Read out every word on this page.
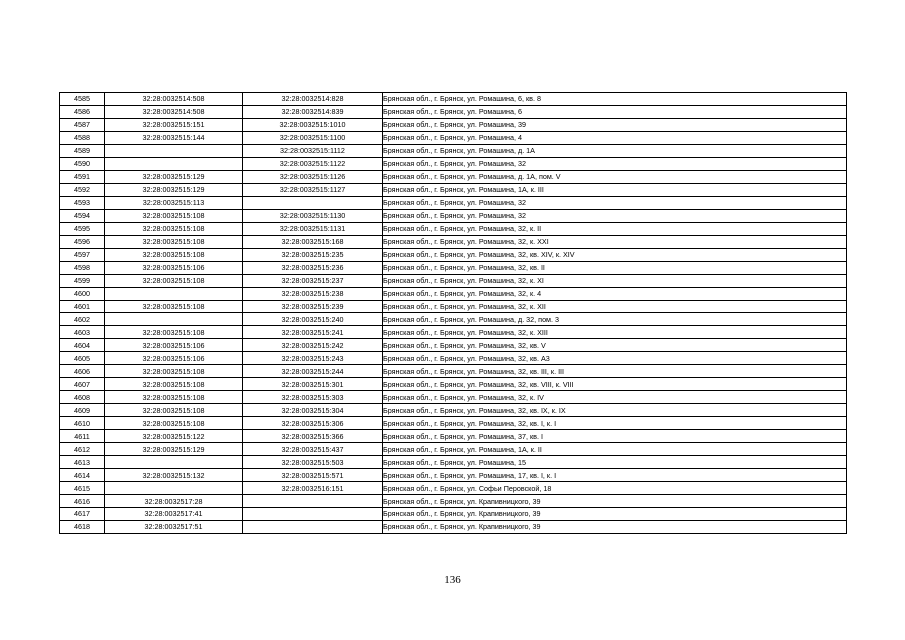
4585	32:28:0032514:508	32:28:0032514:828	Брянская обл., г. Брянск, ул. Ромашина, 6, кв. 8
4586	32:28:0032514:508	32:28:0032514:839	Брянская обл., г. Брянск, ул. Ромашина, 6
4587	32:28:0032515:151	32:28:0032515:1010	Брянская обл., г. Брянск, ул. Ромашина, 39
4588	32:28:0032515:144	32:28:0032515:1100	Брянская обл., г. Брянск, ул. Ромашина, 4
4589		32:28:0032515:1112	Брянская обл., г. Брянск, ул. Ромашина, д. 1А
4590		32:28:0032515:1122	Брянская обл., г. Брянск, ул. Ромашина, 32
4591	32:28:0032515:129	32:28:0032515:1126	Брянская обл., г. Брянск, ул. Ромашина, д. 1А, пом. V
4592	32:28:0032515:129	32:28:0032515:1127	Брянская обл., г. Брянск, ул. Ромашина, 1А, к. III
4593	32:28:0032515:113		Брянская обл., г. Брянск, ул. Ромашина, 32
4594	32:28:0032515:108	32:28:0032515:1130	Брянская обл., г. Брянск, ул. Ромашина, 32
4595	32:28:0032515:108	32:28:0032515:1131	Брянская обл., г. Брянск, ул. Ромашина, 32, к. II
4596	32:28:0032515:108	32:28:0032515:168	Брянская обл., г. Брянск, ул. Ромашина, 32, к. XXI
4597	32:28:0032515:108	32:28:0032515:235	Брянская обл., г. Брянск, ул. Ромашина, 32, кв. XIV, к. XIV
4598	32:28:0032515:106	32:28:0032515:236	Брянская обл., г. Брянск, ул. Ромашина, 32, кв. II
4599	32:28:0032515:108	32:28:0032515:237	Брянская обл., г. Брянск, ул. Ромашина, 32, к. XI
4600		32:28:0032515:238	Брянская обл., г. Брянск, ул. Ромашина, 32, к. 4
4601	32:28:0032515:108	32:28:0032515:239	Брянская обл., г. Брянск, ул. Ромашина, 32, к. XII
4602		32:28:0032515:240	Брянская обл., г. Брянск, ул. Ромашина, д. 32, пом. 3
4603	32:28:0032515:108	32:28:0032515:241	Брянская обл., г. Брянск, ул. Ромашина, 32, к. XIII
4604	32:28:0032515:106	32:28:0032515:242	Брянская обл., г. Брянск, ул. Ромашина, 32, кв. V
4605	32:28:0032515:106	32:28:0032515:243	Брянская обл., г. Брянск, ул. Ромашина, 32, кв. А3
4606	32:28:0032515:108	32:28:0032515:244	Брянская обл., г. Брянск, ул. Ромашина, 32, кв. III, к. III
4607	32:28:0032515:108	32:28:0032515:301	Брянская обл., г. Брянск, ул. Ромашина, 32, кв. VIII, к. VIII
4608	32:28:0032515:108	32:28:0032515:303	Брянская обл., г. Брянск, ул. Ромашина, 32, к. IV
4609	32:28:0032515:108	32:28:0032515:304	Брянская обл., г. Брянск, ул. Ромашина, 32, кв. IX, к. IX
4610	32:28:0032515:108	32:28:0032515:306	Брянская обл., г. Брянск, ул. Ромашина, 32, кв. I, к. I
4611	32:28:0032515:122	32:28:0032515:366	Брянская обл., г. Брянск, ул. Ромашина, 37, кв. I
4612	32:28:0032515:129	32:28:0032515:437	Брянская обл., г. Брянск, ул. Ромашина, 1А, к. II
4613		32:28:0032515:503	Брянская обл., г. Брянск, ул. Ромашина, 15
4614	32:28:0032515:132	32:28:0032515:571	Брянская обл., г. Брянск, ул. Ромашина, 17, кв. I, к. I
4615		32:28:0032516:151	Брянская обл., г. Брянск, ул. Софьи Перовской, 18
4616	32:28:0032517:28		Брянская обл., г. Брянск, ул. Крапивницкого, 39
4617	32:28:0032517:41		Брянская обл., г. Брянск, ул. Крапивницкого, 39
4618	32:28:0032517:51		Брянская обл., г. Брянск, ул. Крапивницкого, 39
136
